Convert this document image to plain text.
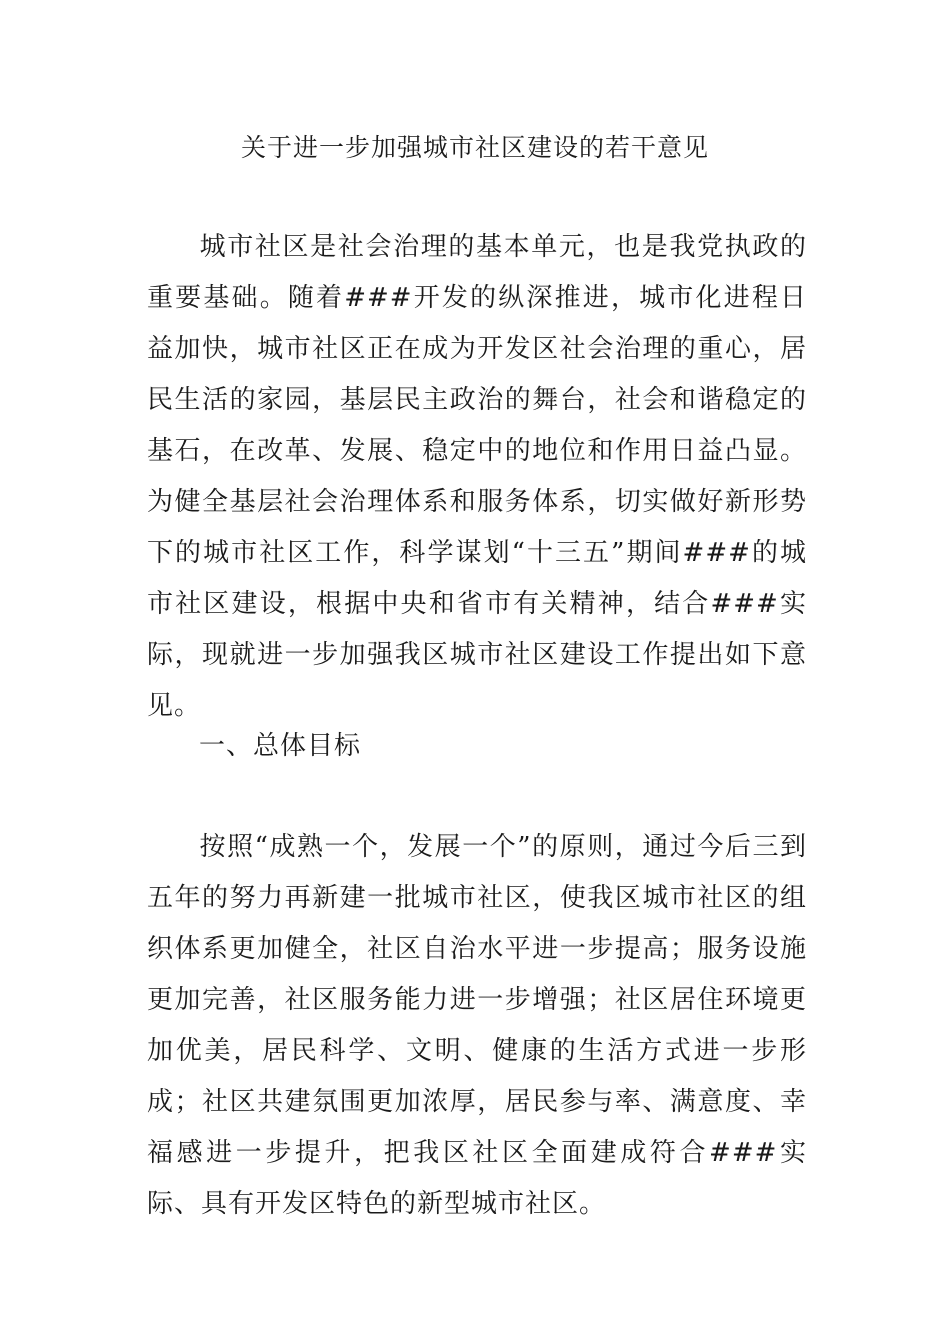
关于进一步加强城市社区建设的若干意见
城市社区是社会治理的基本单元，也是我党执政的重要基础。随着###开发的纵深推进，城市化进程日益加快，城市社区正在成为开发区社会治理的重心，居民生活的家园，基层民主政治的舞台，社会和谐稳定的基石，在改革、发展、稳定中的地位和作用日益凸显。为健全基层社会治理体系和服务体系，切实做好新形势下的城市社区工作，科学谋划“十三五”期间###的城市社区建设，根据中央和省市有关精神，结合###实际，现就进一步加强我区城市社区建设工作提出如下意见。
一、总体目标
按照“成熟一个，发展一个”的原则，通过今后三到五年的努力再新建一批城市社区，使我区城市社区的组织体系更加健全，社区自治水平进一步提高；服务设施更加完善，社区服务能力进一步增强；社区居住环境更加优美，居民科学、文明、健康的生活方式进一步形成；社区共建氛围更加浓厚，居民参与率、满意度、幸福感进一步提升，把我区社区全面建成符合###实际、具有开发区特色的新型城市社区。
